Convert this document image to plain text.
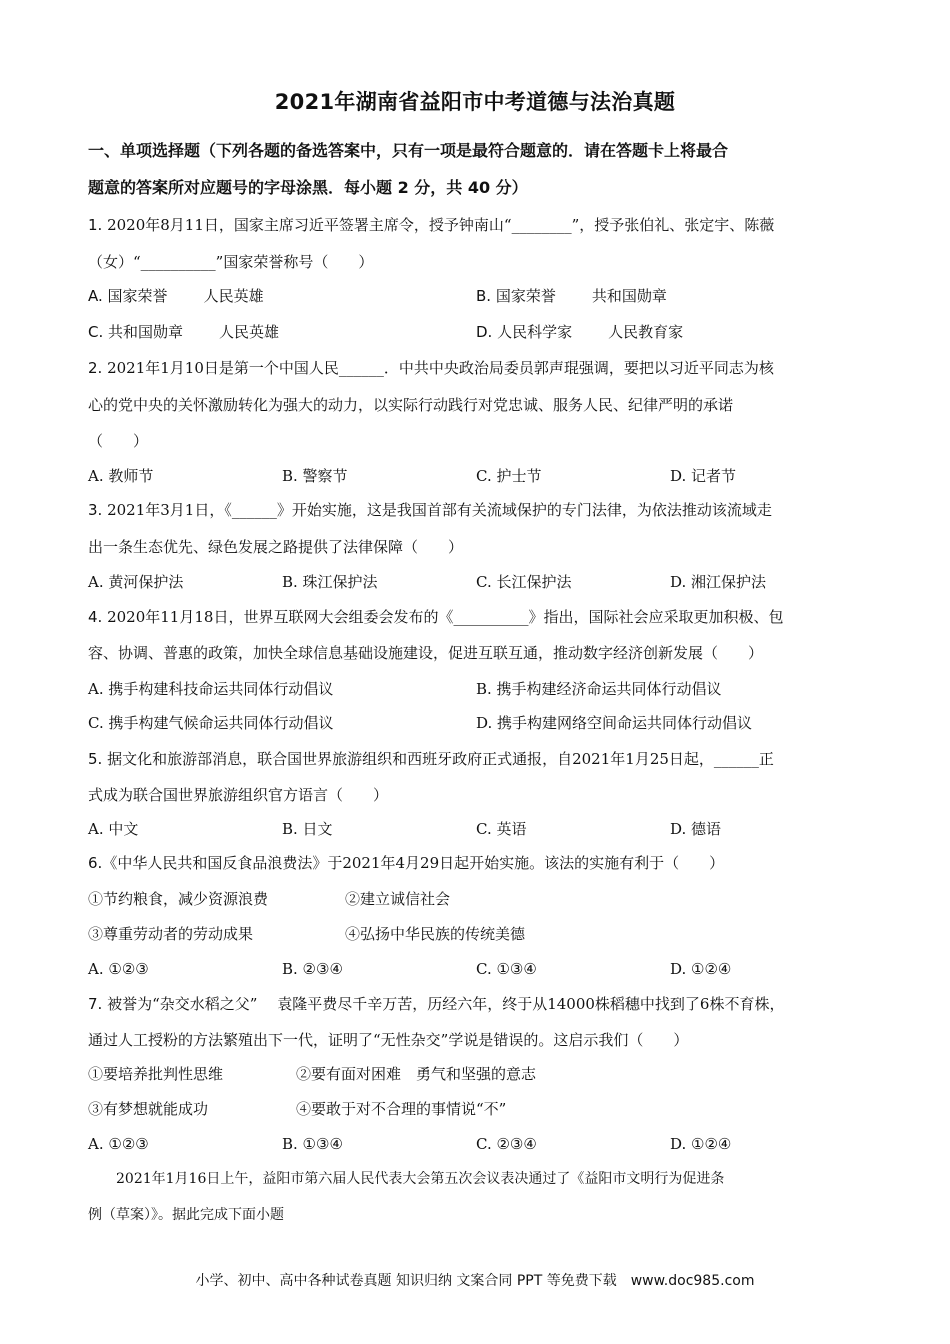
2021年湖南省益阳市中考道德与法治真题
一、单项选择题（下列各题的备选答案中，只有一项是最符合题意的．请在答题卡上将最合
题意的答案所对应题号的字母涂黑．每小题 2 分，共 40 分）
1. 2020年8月11日，国家主席习近平签署主席令，授予钟南山“________”，授予张伯礼、张定宇、陈薇
（女）“__________”国家荣誉称号（　　）
A. 国家荣誉 人民英雄	B. 国家荣誉 共和国勋章
C. 共和国勋章 人民英雄	D. 人民科学家 人民教育家
2. 2021年1月10日是第一个中国人民______．中共中央政治局委员郭声琨强调，要把以习近平同志为核
心的党中央的关怀激励转化为强大的动力，以实际行动践行对党忠诚、服务人民、纪律严明的承诺
（　　）
A. 教师节	B. 警察节	C. 护士节	D. 记者节
3. 2021年3月1日，《______》开始实施，这是我国首部有关流域保护的专门法律，为依法推动该流域走
出一条生态优先、绿色发展之路提供了法律保障（　　）
A. 黄河保护法	B. 珠江保护法	C. 长江保护法	D. 湘江保护法
4. 2020年11月18日，世界互联网大会组委会发布的《__________》指出，国际社会应采取更加积极、包
容、协调、普惠的政策，加快全球信息基础设施建设，促进互联互通，推动数字经济创新发展（　　）
A. 携手构建科技命运共同体行动倡议	B. 携手构建经济命运共同体行动倡议
C. 携手构建气候命运共同体行动倡议	D. 携手构建网络空间命运共同体行动倡议
5. 据文化和旅游部消息，联合国世界旅游组织和西班牙政府正式通报，自2021年1月25日起，______正
式成为联合国世界旅游组织官方语言（　　）
A. 中文	B. 日文	C. 英语	D. 德语
6.《中华人民共和国反食品浪费法》于2021年4月29日起开始实施。该法的实施有利于（　　）
①节约粮食，减少资源浪费	②建立诚信社会
③尊重劳动者的劳动成果	④弘扬中华民族的传统美德
A. ①②③	B. ②③④	C. ①③④	D. ①②④
7. 被誉为“杂交水稻之父”　 袁隆平费尽千辛万苦，历经六年，终于从14000株稻穗中找到了6株不育株，
通过人工授粉的方法繁殖出下一代，证明了“无性杂交”学说是错误的。这启示我们（　　）
①要培养批判性思维	②要有面对困难　勇气和坚强的意志
③有梦想就能成功	④要敢于对不合理的事情说“不”
A. ①②③	B. ①③④	C. ②③④	D. ①②④
　　2021年1月16日上午，益阳市第六届人民代表大会第五次会议表决通过了《益阳市文明行为促进条
例（草案）》。据此完成下面小题
小学、初中、高中各种试卷真题 知识归纳 文案合同 PPT 等免费下载　www.doc985.com
